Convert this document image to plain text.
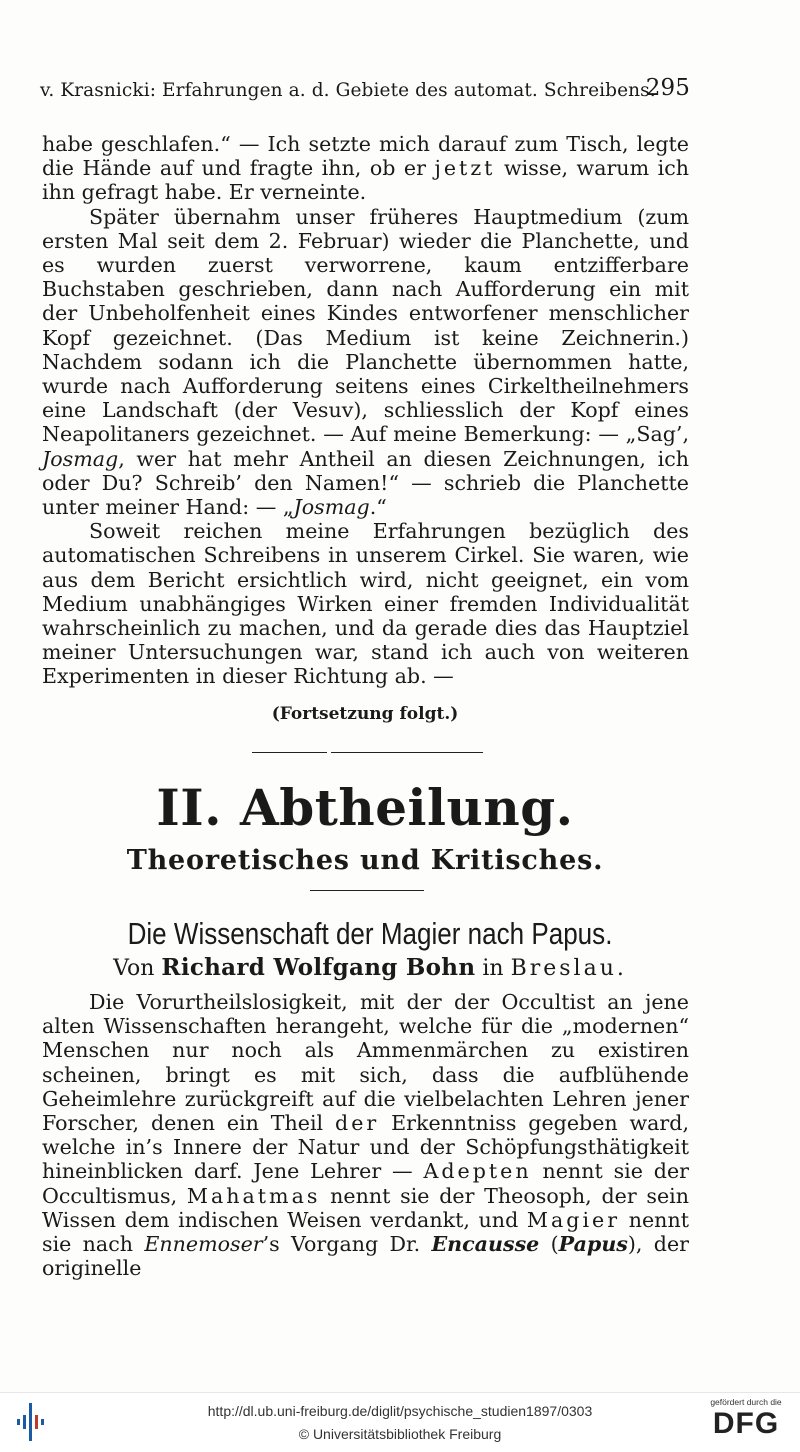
v. Krasnicki: Erfahrungen a. d. Gebiete des automat. Schreibens.
295

habe geschlafen.“ — Ich setzte mich darauf zum Tisch, legte die Hände auf und fragte ihn, ob er jetzt wisse, warum ich ihn gefragt habe. Er verneinte.

Später übernahm unser früheres Hauptmedium (zum ersten Mal seit dem 2. Februar) wieder die Planchette, und es wurden zuerst verworrene, kaum entzifferbare Buchstaben geschrieben, dann nach Aufforderung ein mit der Unbeholfenheit eines Kindes entworfener menschlicher Kopf gezeichnet. (Das Medium ist keine Zeichnerin.) Nachdem sodann ich die Planchette übernommen hatte, wurde nach Aufforderung seitens eines Cirkeltheilnehmers eine Landschaft (der Vesuv), schliesslich der Kopf eines Neapolitaners gezeichnet. — Auf meine Bemerkung: — „Sag’, Josmag, wer hat mehr Antheil an diesen Zeichnungen, ich oder Du? Schreib’ den Namen!“ — schrieb die Planchette unter meiner Hand: — „Josmag.“

Soweit reichen meine Erfahrungen bezüglich des automatischen Schreibens in unserem Cirkel. Sie waren, wie aus dem Bericht ersichtlich wird, nicht geeignet, ein vom Medium unabhängiges Wirken einer fremden Individualität wahrscheinlich zu machen, und da gerade dies das Hauptziel meiner Untersuchungen war, stand ich auch von weiteren Experimenten in dieser Richtung ab. —

(Fortsetzung folgt.)
II. Abtheilung.
Theoretisches und Kritisches.
Die Wissenschaft der Magier nach Papus.
Von Richard Wolfgang Bohn in Breslau.

Die Vorurtheilslosigkeit, mit der der Occultist an jene alten Wissenschaften herangeht, welche für die „modernen“ Menschen nur noch als Ammenmärchen zu existiren scheinen, bringt es mit sich, dass die aufblühende Geheimlehre zurückgreift auf die vielbelachten Lehren jener Forscher, denen ein Theil der Erkenntniss gegeben ward, welche in’s Innere der Natur und der Schöpfungsthätigkeit hineinblicken darf. Jene Lehrer — Adepten nennt sie der Occultismus, Mahatmas nennt sie der Theosoph, der sein Wissen dem indischen Weisen verdankt, und Magier nennt sie nach Ennemoser’s Vorgang Dr. Encausse (Papus), der originelle

http://dl.ub.uni-freiburg.de/diglit/psychische_studien1897/0303
© Universitätsbibliothek Freiburg
gefördert durch die
DFG
